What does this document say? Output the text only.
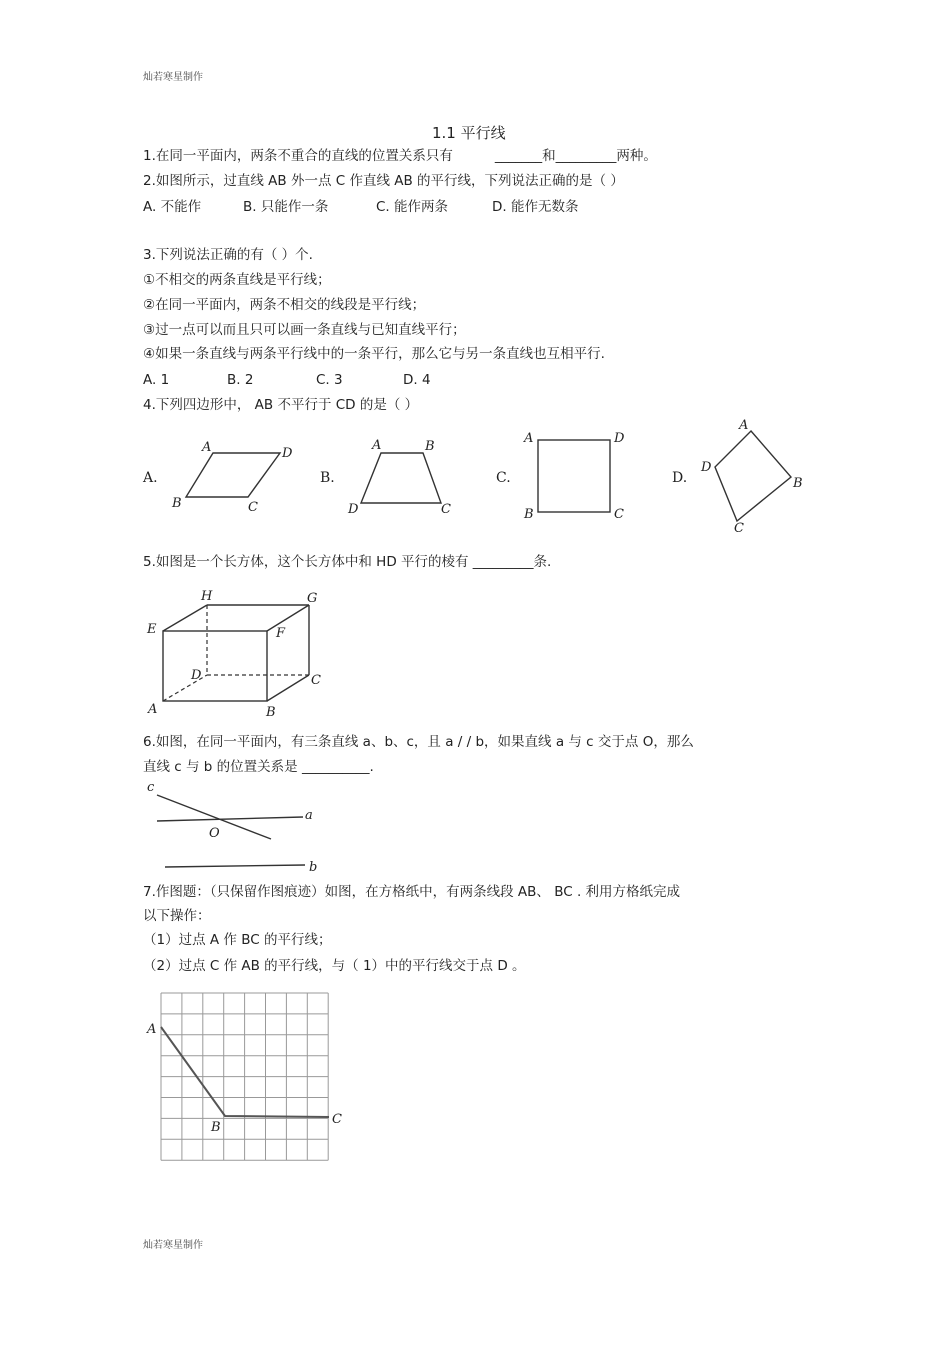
灿若寒星制作
1.1 平行线
1.在同一平面内，两条不重合的直线的位置关系只有	_______和_________两种。
2.如图所示，过直线 AB 外一点 C 作直线 AB 的平行线，下列说法正确的是（ ）
A. 不能作	B. 只能作一条	C. 能作两条	D. 能作无数条
3.下列说法正确的有（ ）个.
①不相交的两条直线是平行线；
②在同一平面内，两条不相交的线段是平行线；
③过一点可以而且只可以画一条直线与已知直线平行；
④如果一条直线与两条平行线中的一条平行，那么它与另一条直线也互相平行.
A. 1	B. 2	C. 3	D. 4
4.下列四边形中， AB 不平行于 CD 的是（ ）
A.
A	D
B	C
B.
A	B
D	C
C.
A	D
B	C
D.
A
D
B
C
5.如图是一个长方体，这个长方体中和 HD 平行的棱有 _________条.
H	G
E	F
D	C
A	B
6.如图，在同一平面内，有三条直线 a、b、c，且 a / / b，如果直线 a 与 c 交于点 O，那么
直线 c 与 b 的位置关系是 __________.
c
a
O
b
7.作图题：（只保留作图痕迹）如图，在方格纸中，有两条线段 AB、 BC . 利用方格纸完成
以下操作：
（1）过点 A 作 BC 的平行线；
（2）过点 C 作 AB 的平行线，与（ 1）中的平行线交于点 D 。
A
B
C
灿若寒星制作
